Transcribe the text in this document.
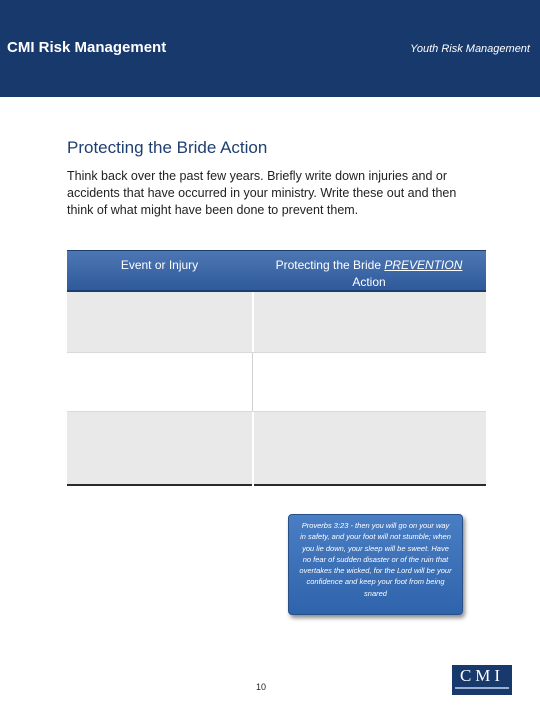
CMI Risk Management	Youth Risk Management
Protecting the Bride Action
Think back over the past few years. Briefly write down injuries and or accidents that have occurred in your ministry. Write these out and then think of what might have been done to prevent them.
Event or Injury	Protecting the Bride PREVENTION
Action
Proverbs 3:23 - then you will go on your way in safety, and your foot will not stumble; when you lie down, your sleep will be sweet. Have no fear of sudden disaster or of the ruin that overtakes the wicked, for the Lord will be your confidence and keep your foot from being snared
10
CMI
